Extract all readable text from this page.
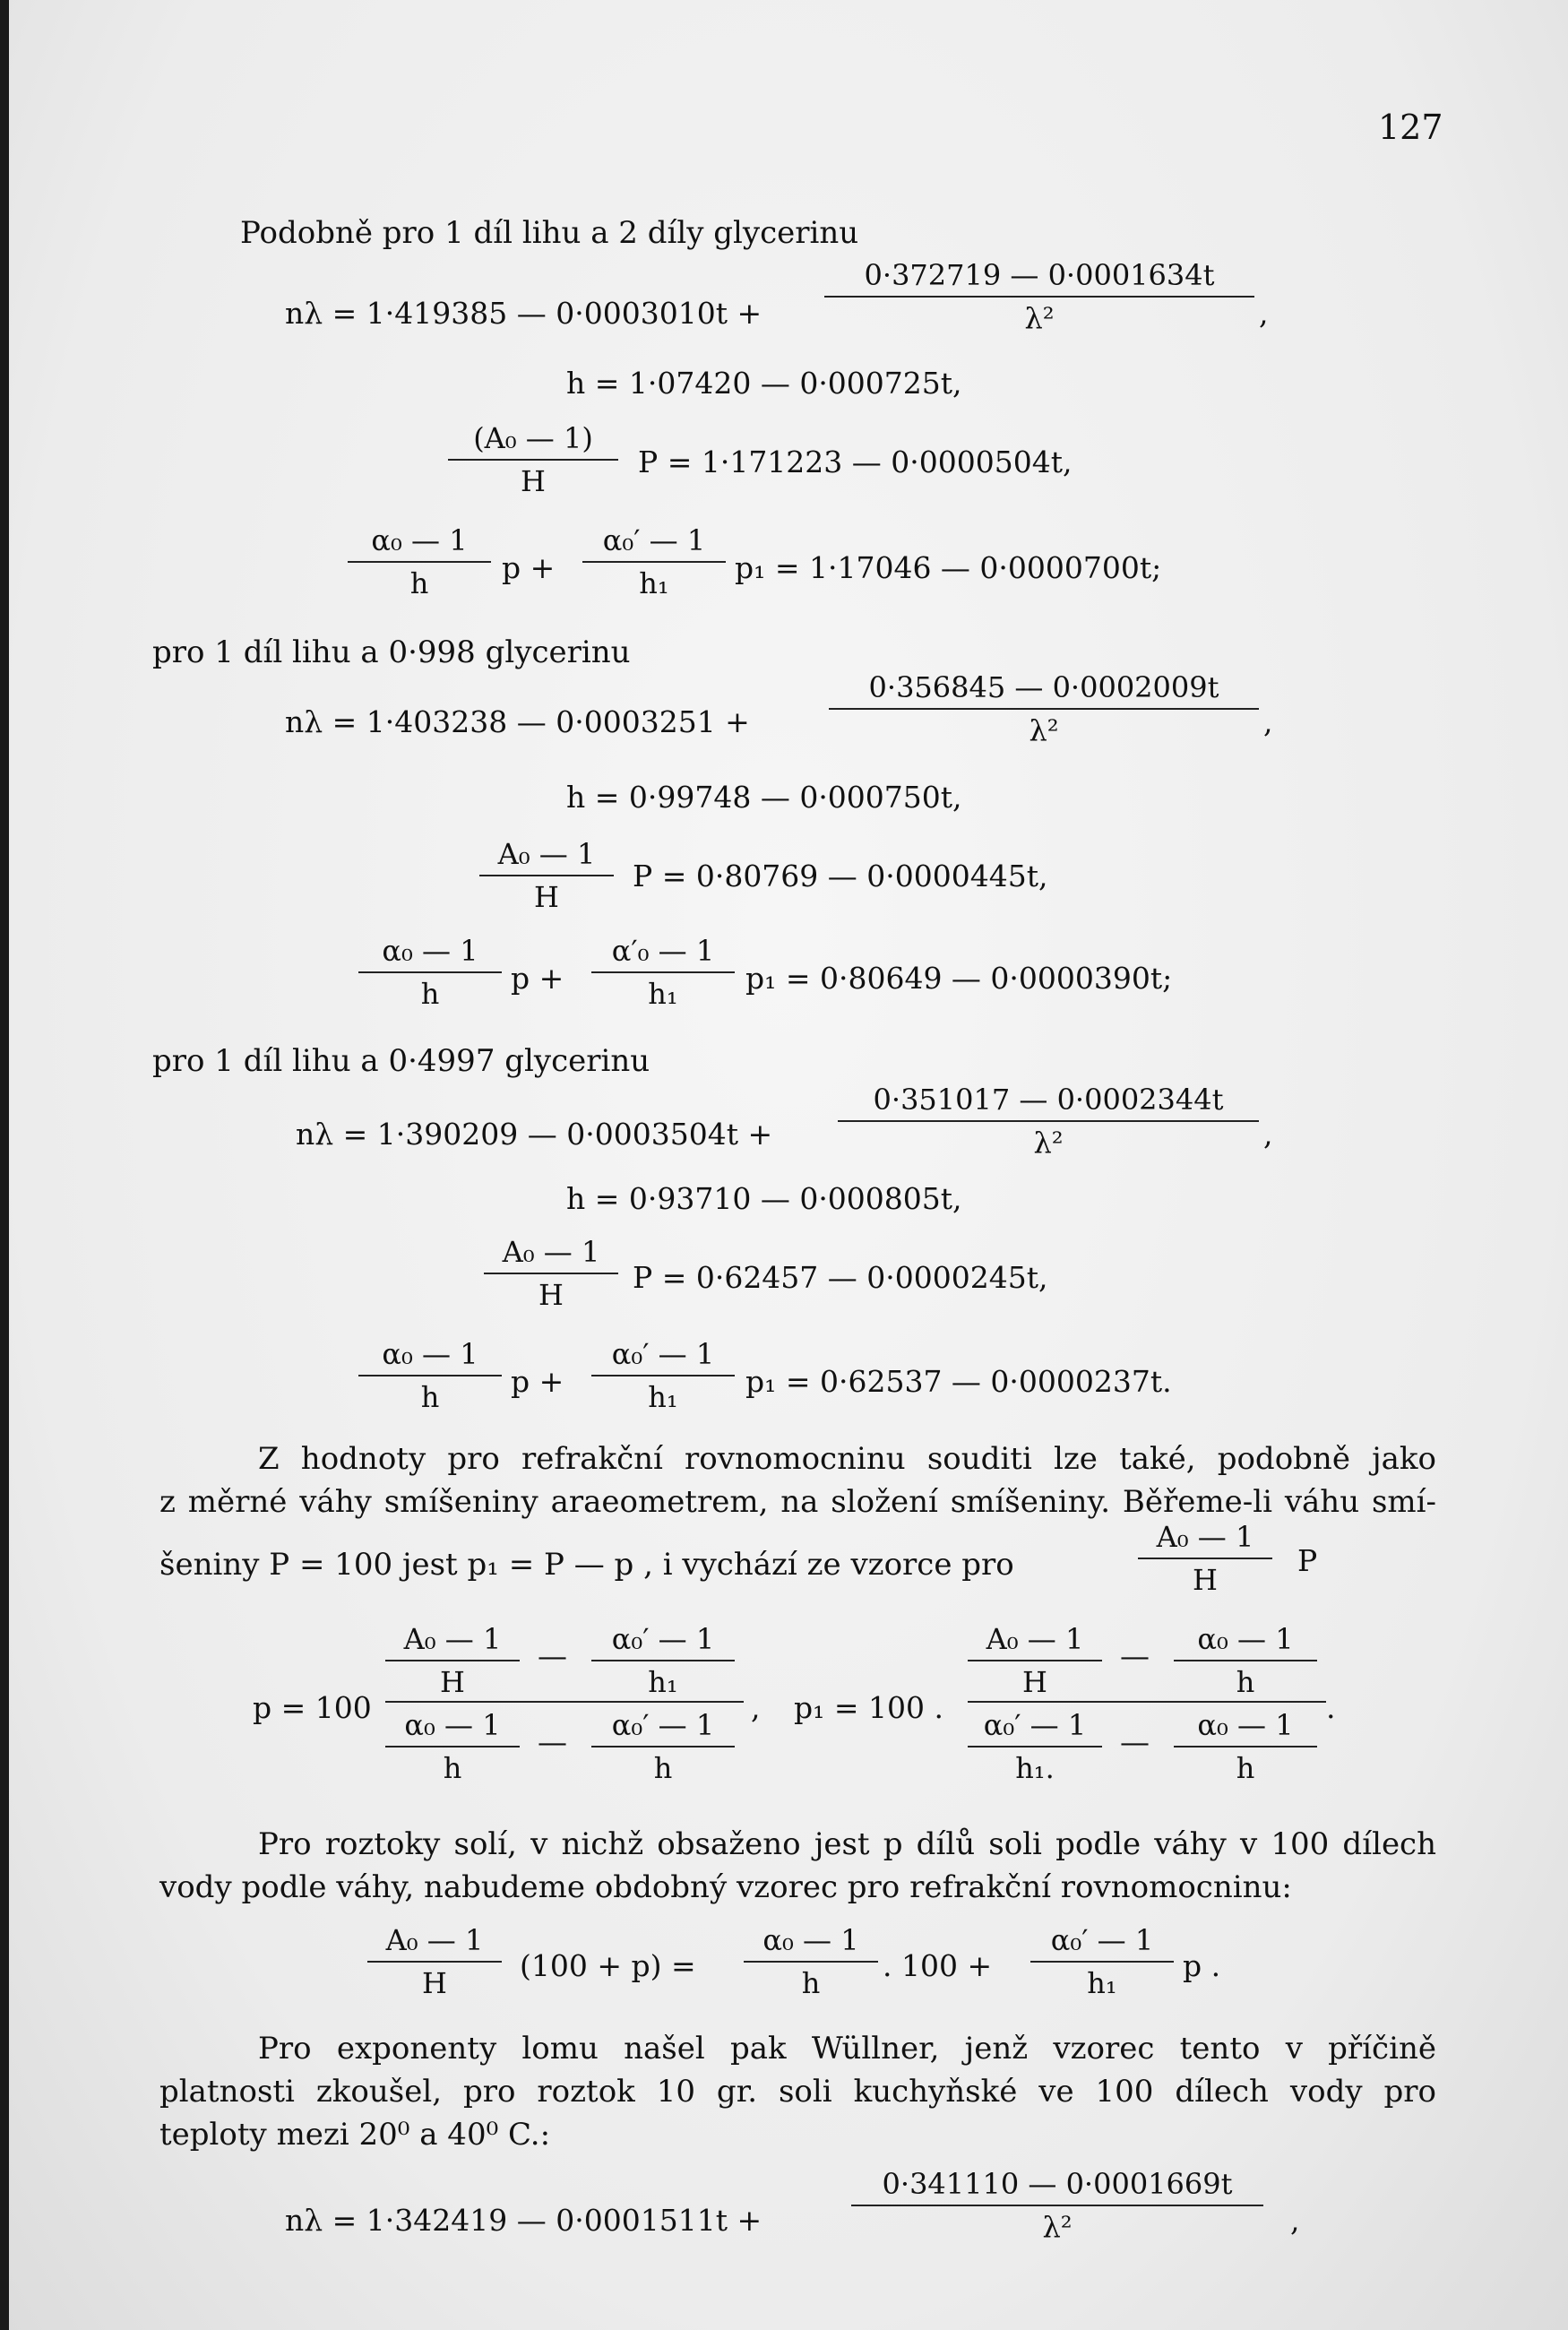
127
Podobně pro 1 díl lihu a 2 díly glycerinu
nλ = 1·419385 — $0\cdot 0003010t + \frac{0\cdot 372719 — 0\cdot 0001634t}{\text{λ²}}$ ,
h = 1·07420 — 0·000725t,
$\frac{\text{(A₀ — 1)}}{H}$ P = 1·171223 — 0·0000504t,
$\frac{\text{α₀ — 1}}{h}$ $p + \frac{\text{α₀′ — 1}}{\text{h₁}} p_1 = 1\cdot 17046$ — 0·0000700t;
pro 1 díl lihu a 0·998 glycerinu
nλ = 1·403238 — 0·0003251 +	$\frac{0\cdot 356845 — 0\cdot 0002009t}{\text{λ²}}$ ,
h = 0·99748 — 0·000750t,
$\frac{\text{A₀ — 1}}{H}$ P = 0·80769 — 0·0000445t,
$\frac{\text{α₀ — 1}}{h}$ $p + \frac{\text{α′₀ — 1}}{\text{h₁}} p_1 = 0\cdot 80649$ — 0·0000390t;
pro 1 díl lihu a 0·4997 glycerinu
nλ = 1·390209 — $0\cdot 0003504t + \frac{0\cdot 351017 — 0\cdot 0002344t}{\text{λ²}}$ ,
h = 0·93710 — 0·000805t,
$\frac{\text{A₀ — 1}}{H}$ P = 0·62457 — 0·0000245t,
$\frac{\text{α₀ — 1}}{h}$ $p + \frac{\text{α₀′ — 1}}{\text{h₁}} p_1 = 0\cdot 62537$ — 0·0000237t.
Z hodnoty pro refrakční rovnomocninu souditi lze také, podobně jako
z měrné váhy smíšeniny araeometrem, na složení smíšeniny. Běřeme-li váhu smí-
šeniny P = 100 jest p₁ = P — p , i vychází ze vzorce pro	$\frac{\text{A₀ — 1}}{H}$ P
p = 100
$\frac{\text{A₀ — 1}}{H}$ — $\frac{\text{α₀′ — 1}}{\text{h₁}}$
$\frac{\text{α₀ — 1}}{h}$ — $\frac{\text{α₀′ — 1}}{h}$
, p₁ = 100 .
$\frac{\text{A₀ — 1}}{H}$ — $\frac{\text{α₀ — 1}}{h}$
$\frac{\text{α₀′ — 1}}{\text{h₁.}}$ — $\frac{\text{α₀ — 1}}{h}$
.
Pro roztoky solí, v nichž obsaženo jest p dílů soli podle váhy v 100 dílech
vody podle váhy, nabudeme obdobný vzorec pro refrakční rovnomocninu:
$\frac{\text{A₀ — 1}}{H} (100 + p) = \frac{\text{α₀ — 1}}{h}$ . $100 + \frac{\text{α₀′ — 1}}{\text{h₁}}$ p .
Pro exponenty lomu našel pak Wüllner, jenž vzorec tento v příčině
platnosti zkoušel, pro roztok 10 gr. soli kuchyňské ve 100 dílech vody pro
teploty mezi 20⁰ a 40⁰ C.:
nλ = 1·342419 — 0·0001511t +	$\frac{0\cdot 341110 — 0\cdot 0001669t}{\text{λ²}}$ ,
